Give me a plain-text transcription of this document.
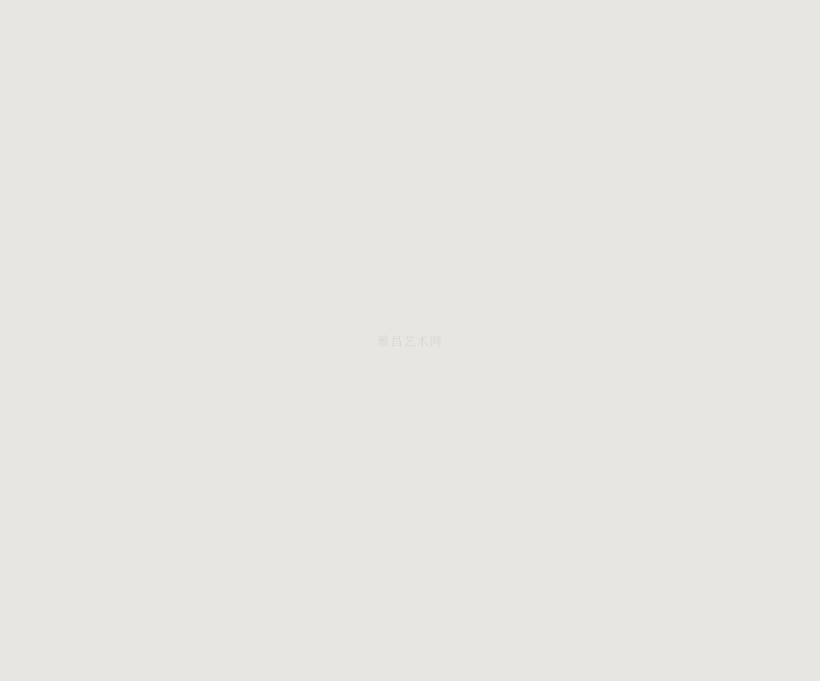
雅昌艺术网
